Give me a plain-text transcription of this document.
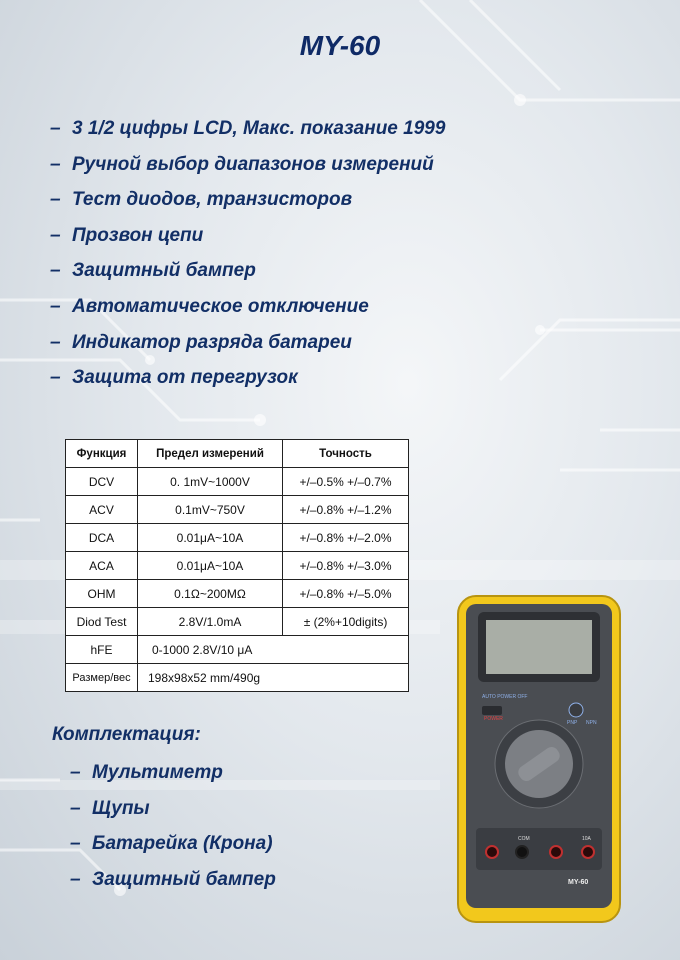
MY-60
– 3 1/2 цифры LCD, Макс. показание 1999
– Ручной выбор диапазонов измерений
– Тест диодов, транзисторов
– Прозвон цепи
– Защитный бампер
– Автоматическое отключение
– Индикатор разряда батареи
– Защита от перегрузок
Функция	Предел измерений	Точность
DCV	0. 1mV~1000V	+/–0.5% +/–0.7%
ACV	0.1mV~750V	+/–0.8% +/–1.2%
DCA	0.01μA~10A	+/–0.8% +/–2.0%
ACA	0.01μA~10A	+/–0.8% +/–3.0%
OHM	0.1Ω~200MΩ	+/–0.8% +/–5.0%
Diod Test	2.8V/1.0mA	± (2%+10digits)
hFE	0-1000 2.8V/10 μA	
Размер/вес	198x98x52 mm/490g	
Комплектация:
– Мультиметр
– Щупы
– Батарейка (Крона)
– Защитный бампер
AUTO POWER OFF
POWER
PNP NPN
COM	10A
MY-60
